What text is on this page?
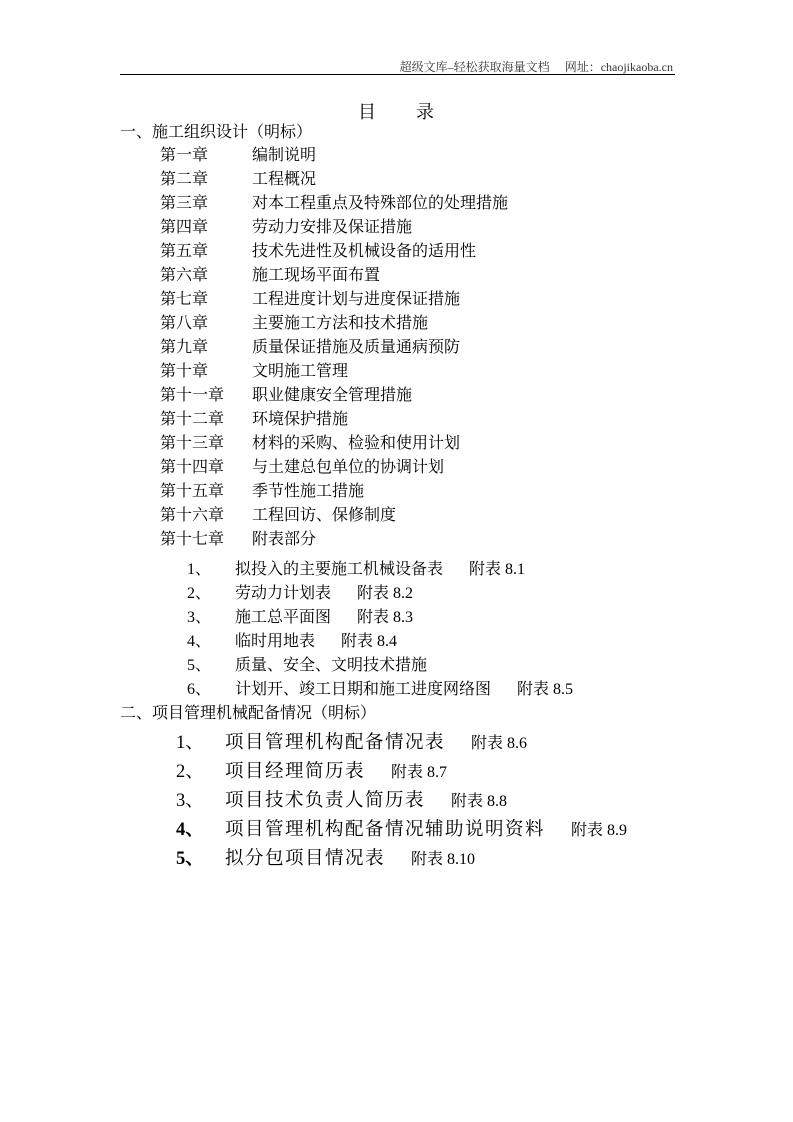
超级文库–轻松获取海量文档 网址：chaojikaoba.cn
目 录
一、施工组织设计（明标）
二、项目管理机械配备情况（明标）
第一章	编制说明
第二章	工程概况
第三章	对本工程重点及特殊部位的处理措施
第四章	劳动力安排及保证措施
第五章	技术先进性及机械设备的适用性
第六章	施工现场平面布置
第七章	工程进度计划与进度保证措施
第八章	主要施工方法和技术措施
第九章	质量保证措施及质量通病预防
第十章	文明施工管理
第十一章 职业健康安全管理措施
第十二章 环境保护措施
第十三章 材料的采购、检验和使用计划
第十四章 与土建总包单位的协调计划
第十五章 季节性施工措施
第十六章 工程回访、保修制度
第十七章 附表部分
1、 拟投入的主要施工机械设备表 附表 8.1
2、 劳动力计划表 附表 8.2
3、 施工总平面图 附表 8.3
4、 临时用地表 附表 8.4
5、 质量、安全、文明技术措施
6、 计划开、竣工日期和施工进度网络图 附表 8.5
1、 项目管理机构配备情况表 附表 8.6
2、 项目经理简历表 附表 8.7
3、 项目技术负责人简历表 附表 8.8
4、 项目管理机构配备情况辅助说明资料 附表 8.9
5、 拟分包项目情况表 附表 8.10
